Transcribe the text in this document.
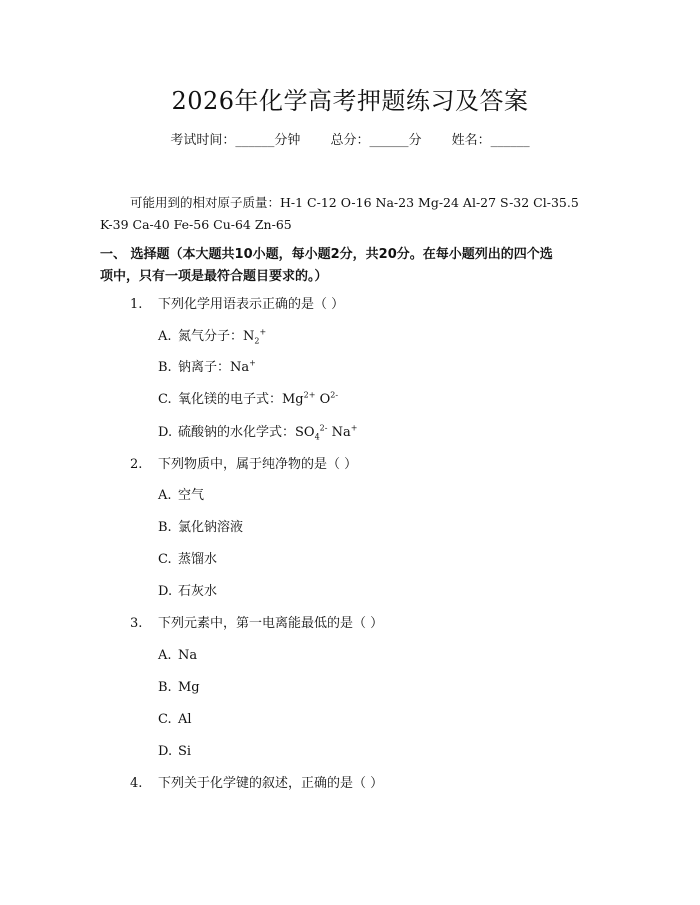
2026年化学高考押题练习及答案
考试时间：______分钟 总分：______分 姓名：______
可能用到的相对原子质量：H-1 C-12 O-16 Na-23 Mg-24 Al-27 S-32 Cl-35.5
K-39 Ca-40 Fe-56 Cu-64 Zn-65
一、 选择题（本大题共10小题，每小题2分，共20分。在每小题列出的四个选
项中，只有一项是最符合题目要求的。）
1. 下列化学用语表示正确的是（ ）
A. 氮气分子：$N_2^+$
B. 钠离子：Na+
C. 氧化镁的电子式：$Mg^{2+}$ $O^{2-}$
D. 硫酸钠的水化学式：$SO_4^{2-}$ Na+
2. 下列物质中，属于纯净物的是（ ）
A. 空气
B. 氯化钠溶液
C. 蒸馏水
D. 石灰水
3. 下列元素中，第一电离能最低的是（ ）
A. Na
B. Mg
C. Al
D. Si
4. 下列关于化学键的叙述，正确的是（ ）
